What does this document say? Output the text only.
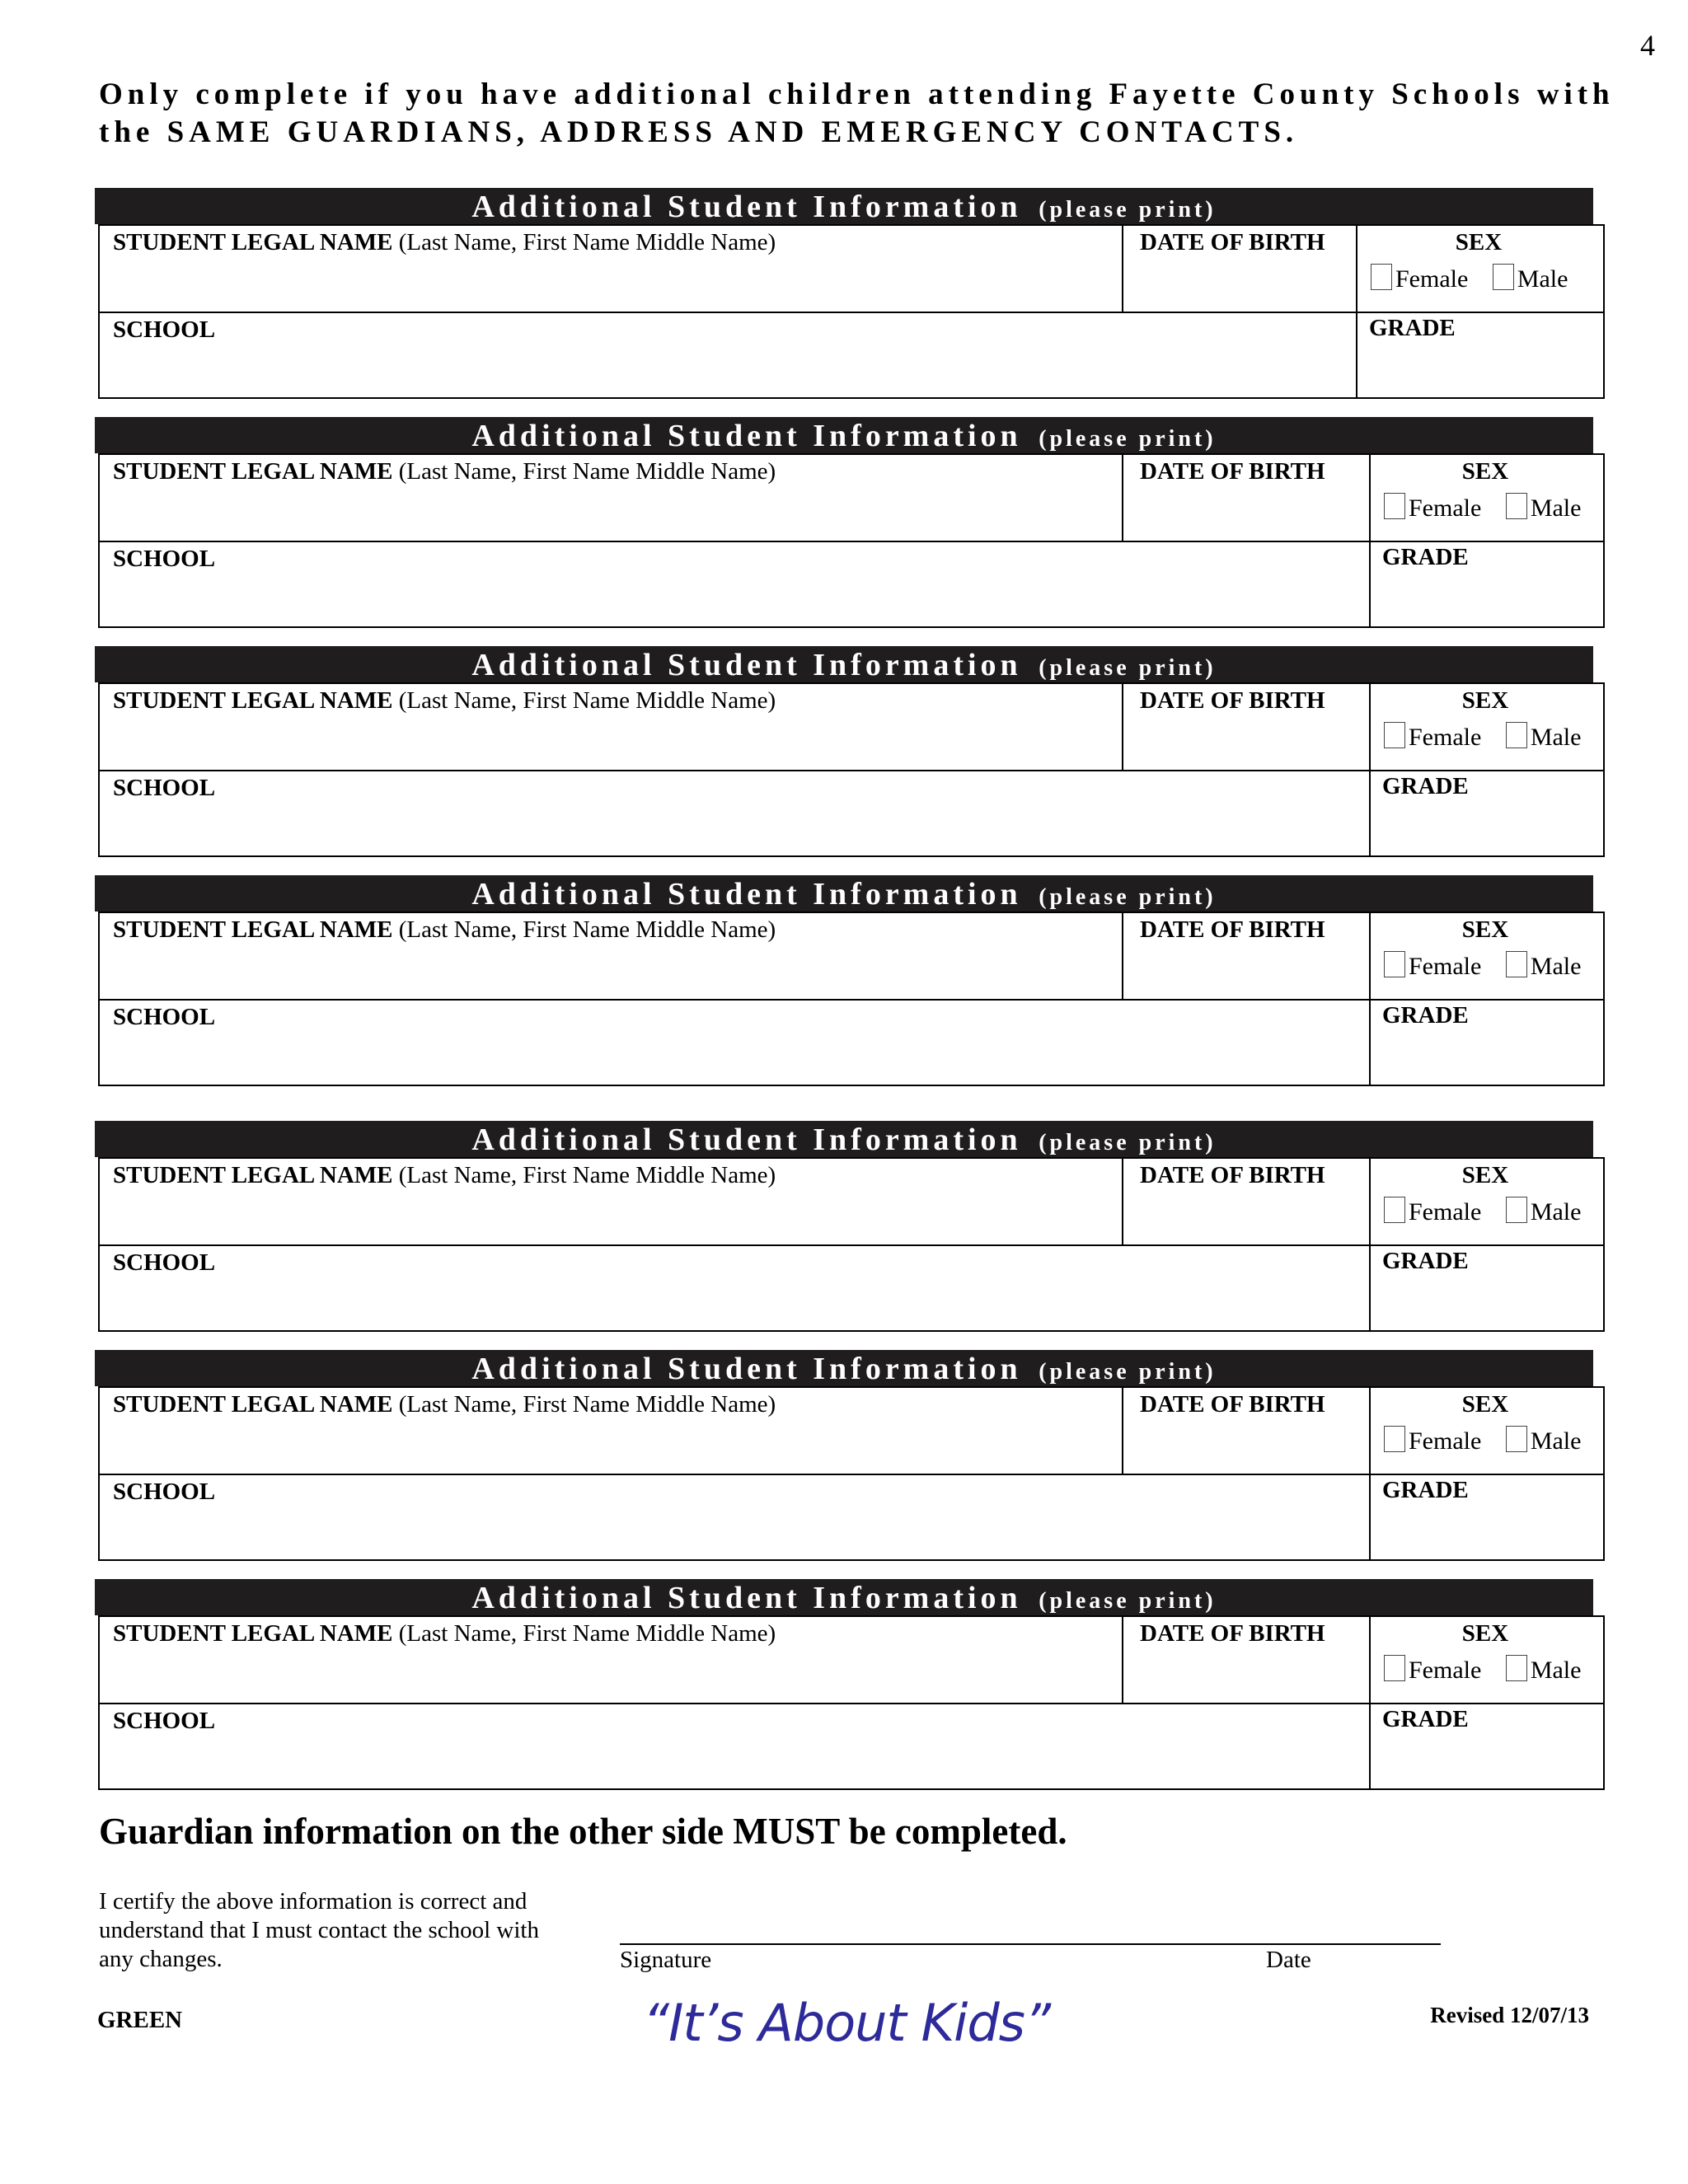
4
Only complete if you have additional children attending Fayette County Schools with
the SAME GUARDIANS, ADDRESS AND EMERGENCY CONTACTS.
Additional Student Information (please print)
STUDENT LEGAL NAME (Last Name, First Name Middle Name)	DATE OF BIRTH	SEX
Female Male
SCHOOL	GRADE
Additional Student Information (please print)
STUDENT LEGAL NAME (Last Name, First Name Middle Name)	DATE OF BIRTH	SEX
Female Male
SCHOOL	GRADE
Additional Student Information (please print)
STUDENT LEGAL NAME (Last Name, First Name Middle Name)	DATE OF BIRTH	SEX
Female Male
SCHOOL	GRADE
Additional Student Information (please print)
STUDENT LEGAL NAME (Last Name, First Name Middle Name)	DATE OF BIRTH	SEX
Female Male
SCHOOL	GRADE
Additional Student Information (please print)
STUDENT LEGAL NAME (Last Name, First Name Middle Name)	DATE OF BIRTH	SEX
Female Male
SCHOOL	GRADE
Additional Student Information (please print)
STUDENT LEGAL NAME (Last Name, First Name Middle Name)	DATE OF BIRTH	SEX
Female Male
SCHOOL	GRADE
Additional Student Information (please print)
STUDENT LEGAL NAME (Last Name, First Name Middle Name)	DATE OF BIRTH	SEX
Female Male
SCHOOL	GRADE
Guardian information on the other side MUST be completed.
I certify the above information is correct and
understand that I must contact the school with
any changes.	Signature	Date
GREEN	“It’s About Kids”	Revised 12/07/13
